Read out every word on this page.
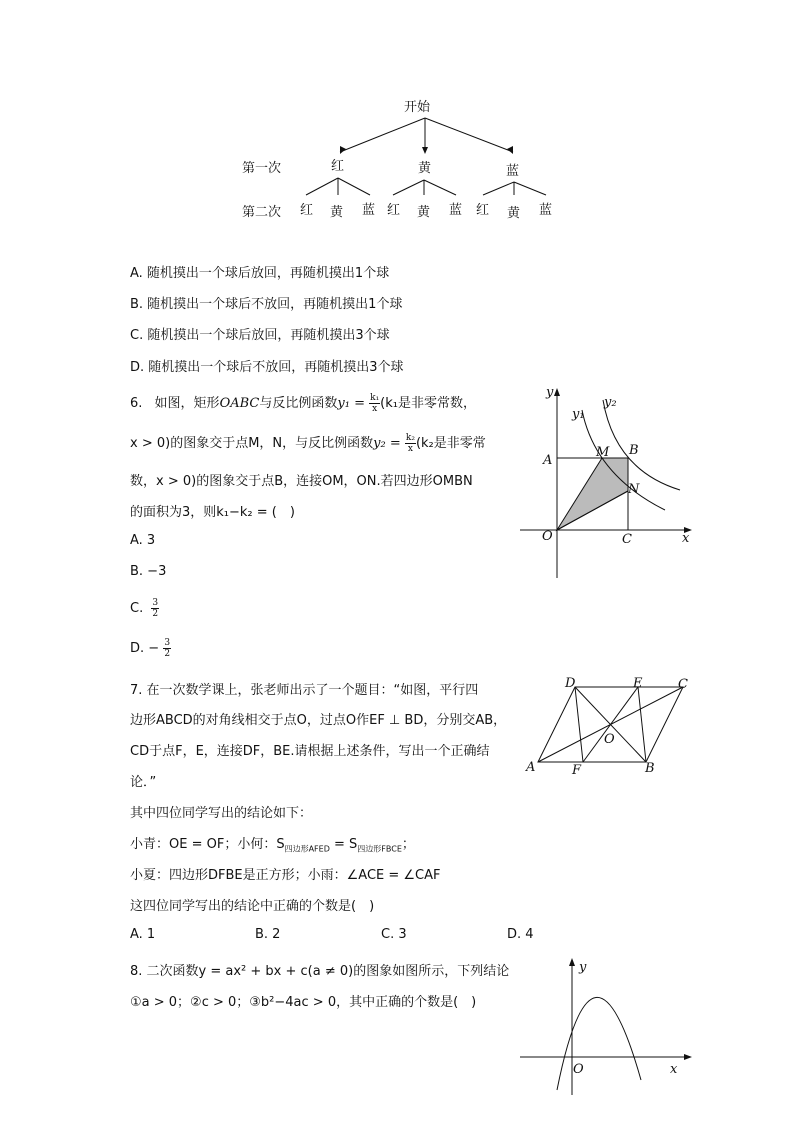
开始
第一次	红	黄	蓝
第二次 红 黄 蓝 红 黄 蓝 红 黄 蓝
A. 随机摸出一个球后放回，再随机摸出1个球
B. 随机摸出一个球后不放回，再随机摸出1个球
C. 随机摸出一个球后放回，再随机摸出3个球
D. 随机摸出一个球后不放回，再随机摸出3个球
6. 如图，矩形OABC与反比例函数$y_1 = \frac{\text{k₁}}{x} (k_1$是非零常数，
x > 0)的图象交于点M，N，与反比例函数$y_2 = \frac{\text{k₂}}{x} (k_2$是非零常
数，x > 0)的图象交于点B，连接OM，ON.若四边形OMBN
的面积为3，则k₁−k₂ = (　)
A. 3
B. −3
C. $\frac{3}{2}$
D. − $\frac{3}{2}$
y
y₁
y₂
A
M B
N
O	C	x
7. 在一次数学课上，张老师出示了一个题目：“如图，平行四
边形ABCD的对角线相交于点O，过点O作EF ⊥ BD，分别交AB，
CD于点F，E，连接DF，BE.请根据上述条件，写出一个正确结
论．”
其中四位同学写出的结论如下：
小青：OE = OF；小何：$S_{四边形AFED} = S_{四边形FBCE}$；
小夏：四边形DFBE是正方形；小雨：∠ACE = ∠CAF
这四位同学写出的结论中正确的个数是(　)
A. 1	B. 2	C. 3	D. 4
D	E	C
O
A	F	B
8. 二次函数y = ax² + bx + c(a ≠ 0)的图象如图所示，下列结论
①a > 0；②c > 0；③b²−4ac > 0，其中正确的个数是(　)
y
O	x
